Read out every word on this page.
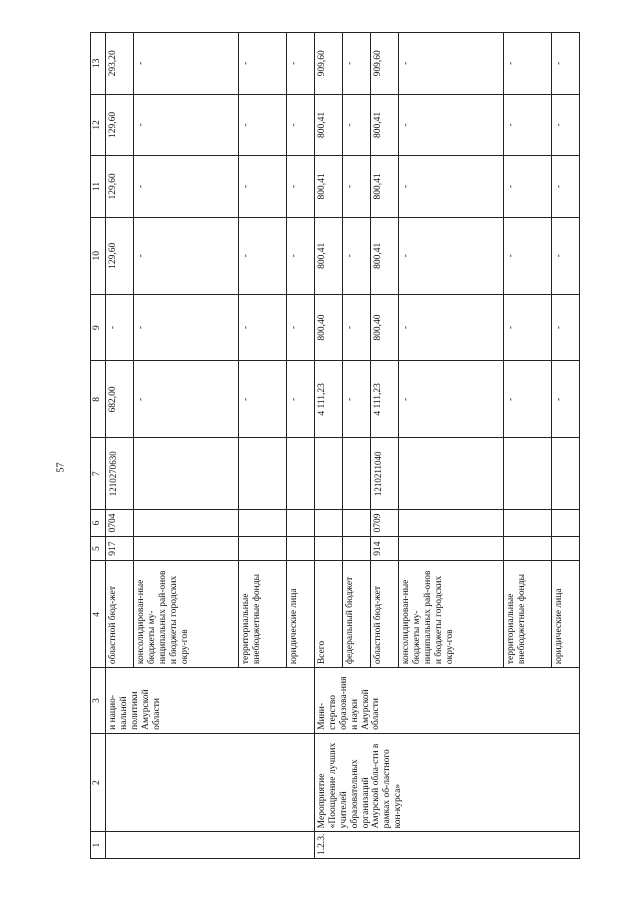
57
1	2	3	4	5	6	7	8	9	10	11	12	13
		и нацио-нальной политики Амурской области	областной бюд-жет	917	0704	1210270630	682,00	-	129,60	129,60	129,60	293,20
			консолидирован-ные бюджеты му-ниципальных рай-онов и бюджеты городских окру-гов				-	-	-	-	-	-
			территориальные внебюджетные фонды				-	-	-	-	-	-
			юридические лица				-	-	-	-	-	-
1.2.3.	Мероприятие «Поощрение лучших учителей образовательных организаций Амурской обла-сти в рамках об-ластного кон-курса»	Мини-стерство образова-ния и науки Амурской области	Всего				4 111,23	800,40	800,41	800,41	800,41	909,60
			федеральный бюджет				-	-	-	-	-	-
			областной бюд-жет	914	0709	1210211040	4 111,23	800,40	800,41	800,41	800,41	909,60
			консолидирован-ные бюджеты му-ниципальных рай-онов и бюджеты городских окру-гов				-	-	-	-	-	-
			территориальные внебюджетные фонды				-	-	-	-	-	-
			юридические лица				-	-	-	-	-	-
